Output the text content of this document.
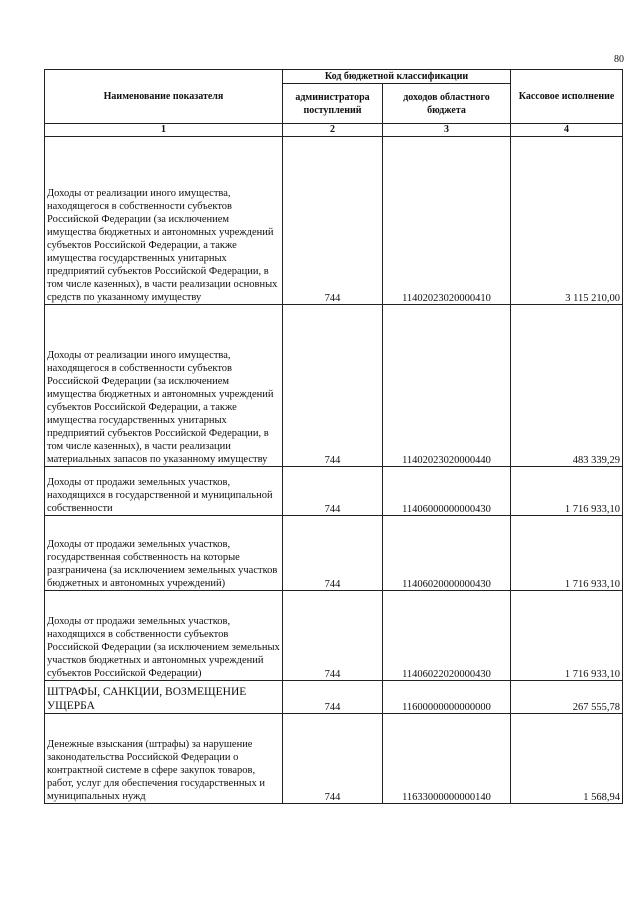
80
Наименование показателя	Код бюджетной классификации		Кассовое исполнение
	администратора поступлений	доходов областного бюджета	
1	2	3	4
Доходы от реализации иного имущества, находящегося в собственности субъектов Российской Федерации (за исключением имущества бюджетных и автономных учреждений субъектов Российской Федерации, а также имущества государственных унитарных предприятий субъектов Российской Федерации, в том числе казенных), в части реализации основных средств по указанному имуществу	744	11402023020000410	3 115 210,00
Доходы от реализации иного имущества, находящегося в собственности субъектов Российской Федерации (за исключением имущества бюджетных и автономных учреждений субъектов Российской Федерации, а также имущества государственных унитарных предприятий субъектов Российской Федерации, в том числе казенных), в части реализации материальных запасов по указанному имуществу	744	11402023020000440	483 339,29
Доходы от продажи земельных участков, находящихся в государственной и муниципальной собственности	744	11406000000000430	1 716 933,10
Доходы от продажи земельных участков, государственная собственность на которые разграничена (за исключением земельных участков бюджетных и автономных учреждений)	744	11406020000000430	1 716 933,10
Доходы от продажи земельных участков, находящихся в собственности субъектов Российской Федерации (за исключением земельных участков бюджетных и автономных учреждений субъектов Российской Федерации)	744	11406022020000430	1 716 933,10
ШТРАФЫ, САНКЦИИ, ВОЗМЕЩЕНИЕ УЩЕРБА	744	11600000000000000	267 555,78
Денежные взыскания (штрафы) за нарушение законодательства Российской Федерации о контрактной системе в сфере закупок товаров, работ, услуг для обеспечения государственных и муниципальных нужд	744	11633000000000140	1 568,94
